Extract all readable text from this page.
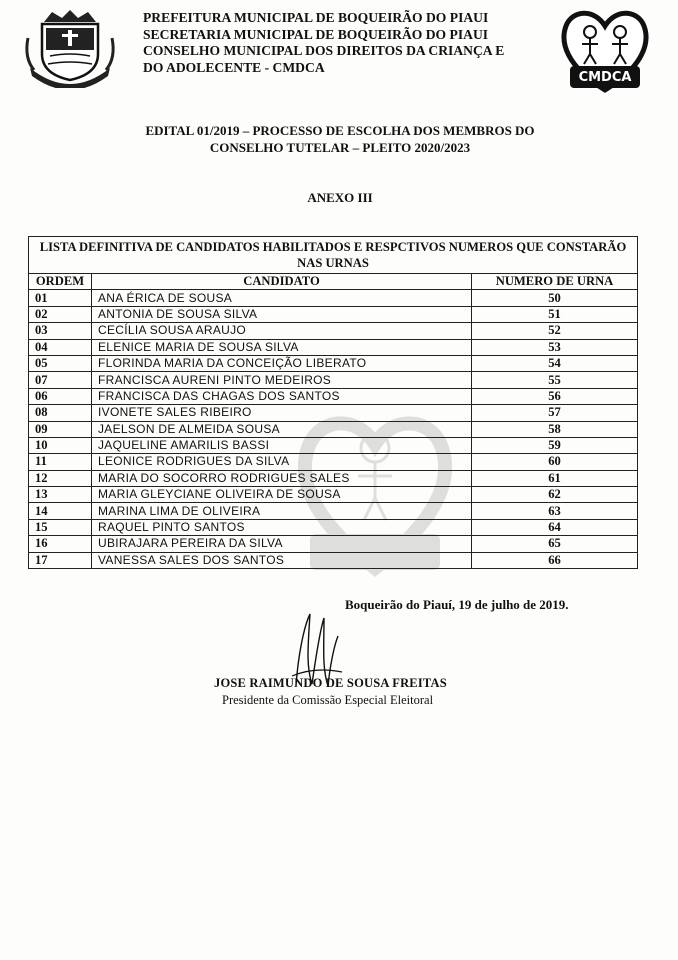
PREFEITURA MUNICIPAL DE BOQUEIRÃO DO PIAUI
SECRETARIA MUNICIPAL DE BOQUEIRÃO DO PIAUI
CONSELHO MUNICIPAL DOS DIREITOS DA CRIANÇA E
DO ADOLECENTE - CMDCA
CMDCA
EDITAL 01/2019 – PROCESSO DE ESCOLHA DOS MEMBROS DO
CONSELHO TUTELAR – PLEITO 2020/2023
ANEXO III
LISTA DEFINITIVA DE CANDIDATOS HABILITADOS E RESPCTIVOS NUMEROS QUE CONSTARÃO NAS URNAS		
ORDEM	CANDIDATO	NUMERO DE URNA
01	ANA ÉRICA DE SOUSA	50
02	ANTONIA DE SOUSA SILVA	51
03	CECÍLIA SOUSA ARAUJO	52
04	ELENICE MARIA DE SOUSA SILVA	53
05	FLORINDA MARIA DA CONCEIÇÃO LIBERATO	54
07	FRANCISCA AURENI PINTO MEDEIROS	55
06	FRANCISCA DAS CHAGAS DOS SANTOS	56
08	IVONETE SALES RIBEIRO	57
09	JAELSON DE ALMEIDA SOUSA	58
10	JAQUELINE AMARILIS BASSI	59
11	LEONICE RODRIGUES DA SILVA	60
12	MARIA DO SOCORRO RODRIGUES SALES	61
13	MARIA GLEYCIANE OLIVEIRA DE SOUSA	62
14	MARINA LIMA DE OLIVEIRA	63
15	RAQUEL PINTO SANTOS	64
16	UBIRAJARA PEREIRA DA SILVA	65
17	VANESSA SALES DOS SANTOS	66
Boqueirão do Piauí, 19 de julho de 2019.
JOSE RAIMUNDO DE SOUSA FREITAS
Presidente da Comissão Especial Eleitoral
